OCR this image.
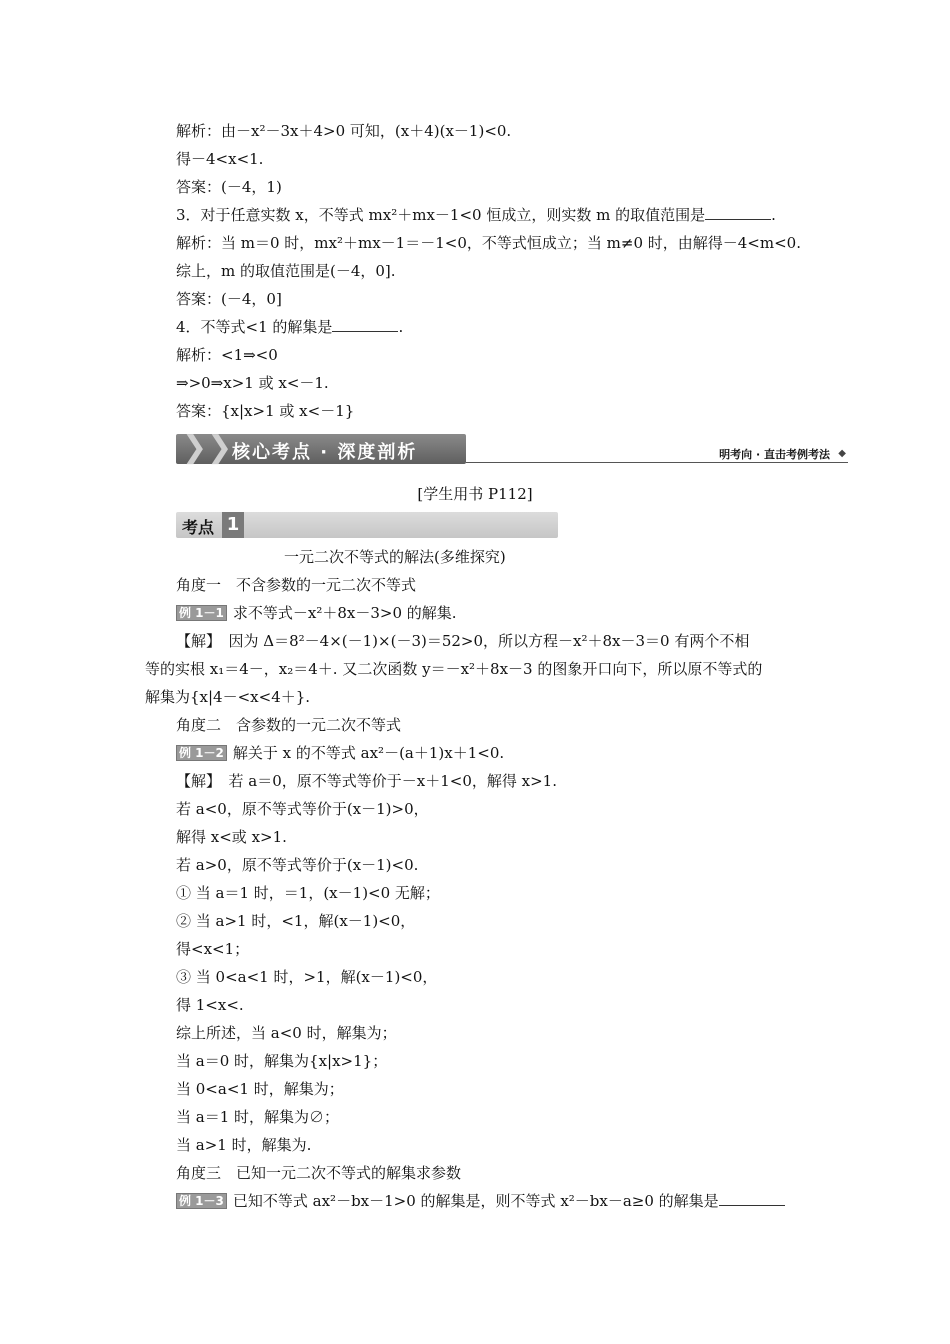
解析：由－x²－3x＋4>0 可知，(x＋4)(x－1)<0.
得－4<x<1.
答案：(－4，1)
3．对于任意实数 x，不等式 mx²＋mx－1<0 恒成立，则实数 m 的取值范围是	.
解析：当 m＝0 时，mx²＋mx－1＝－1<0，不等式恒成立；当 m≠0 时，由解得－4<m<0.
综上，m 的取值范围是(－4，0].
答案：(－4，0]
4．不等式<1 的解集是	.
解析：<1⇒<0
⇒>0⇒x>1 或 x<－1.
答案：{x|x>1 或 x<－1}
❯❯ 核心考点 · 深度剖析	明考向 · 直击考例考法 ◆
[学生用书 P112]
考点 1
一元二次不等式的解法(多维探究)
角度一　不含参数的一元二次不等式
例 1－1 求不等式－x²＋8x－3>0 的解集.
【解】　因为 Δ＝8²－4×(－1)×(－3)＝52>0，所以方程－x²＋8x－3＝0 有两个不相
等的实根 x₁＝4－，x₂＝4＋. 又二次函数 y＝－x²＋8x－3 的图象开口向下，所以原不等式的
解集为{x|4－<x<4＋}.
角度二　含参数的一元二次不等式
例 1－2 解关于 x 的不等式 ax²－(a＋1)x＋1<0.
【解】　若 a＝0，原不等式等价于－x＋1<0，解得 x>1.
若 a<0，原不等式等价于(x－1)>0，
解得 x<或 x>1.
若 a>0，原不等式等价于(x－1)<0.
① 当 a＝1 时，＝1，(x－1)<0 无解；
② 当 a>1 时，<1，解(x－1)<0，
得<x<1；
③ 当 0<a<1 时，>1，解(x－1)<0，
得 1<x<.
综上所述，当 a<0 时，解集为；
当 a＝0 时，解集为{x|x>1}；
当 0<a<1 时，解集为；
当 a＝1 时，解集为∅；
当 a>1 时，解集为.
角度三　已知一元二次不等式的解集求参数
例 1－3 已知不等式 ax²－bx－1>0 的解集是，则不等式 x²－bx－a≥0 的解集是
